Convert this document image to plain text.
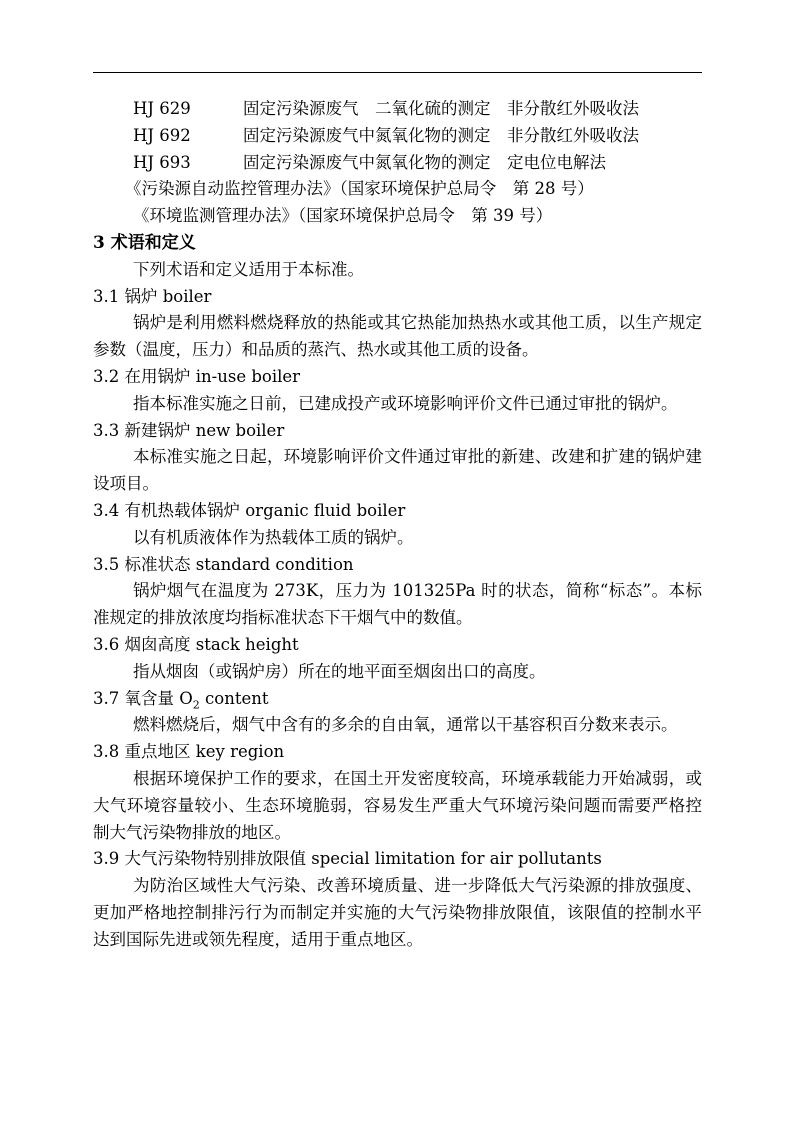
HJ 629	固定污染源废气　二氧化硫的测定　非分散红外吸收法
HJ 692	固定污染源废气中氮氧化物的测定　非分散红外吸收法
HJ 693	固定污染源废气中氮氧化物的测定　定电位电解法
《污染源自动监控管理办法》（国家环境保护总局令　第 28 号）
《环境监测管理办法》（国家环境保护总局令　第 39 号）
3 术语和定义

下列术语和定义适用于本标准。

3.1 锅炉 boiler

锅炉是利用燃料燃烧释放的热能或其它热能加热热水或其他工质，以生产规定参数（温度，压力）和品质的蒸汽、热水或其他工质的设备。

3.2 在用锅炉 in-use boiler

指本标准实施之日前，已建成投产或环境影响评价文件已通过审批的锅炉。

3.3 新建锅炉 new boiler

本标准实施之日起，环境影响评价文件通过审批的新建、改建和扩建的锅炉建设项目。

3.4 有机热载体锅炉 organic fluid boiler

以有机质液体作为热载体工质的锅炉。

3.5 标准状态 standard condition

锅炉烟气在温度为 273K，压力为 101325Pa 时的状态，简称“标态”。本标准规定的排放浓度均指标准状态下干烟气中的数值。

3.6 烟囱高度 stack height

指从烟囱（或锅炉房）所在的地平面至烟囱出口的高度。

3.7 氧含量 $O_2$ content

燃料燃烧后，烟气中含有的多余的自由氧，通常以干基容积百分数来表示。

3.8 重点地区 key region

根据环境保护工作的要求，在国土开发密度较高，环境承载能力开始减弱，或大气环境容量较小、生态环境脆弱，容易发生严重大气环境污染问题而需要严格控制大气污染物排放的地区。

3.9 大气污染物特别排放限值 special limitation for air pollutants

为防治区域性大气污染、改善环境质量、进一步降低大气污染源的排放强度、更加严格地控制排污行为而制定并实施的大气污染物排放限值，该限值的控制水平达到国际先进或领先程度，适用于重点地区。
